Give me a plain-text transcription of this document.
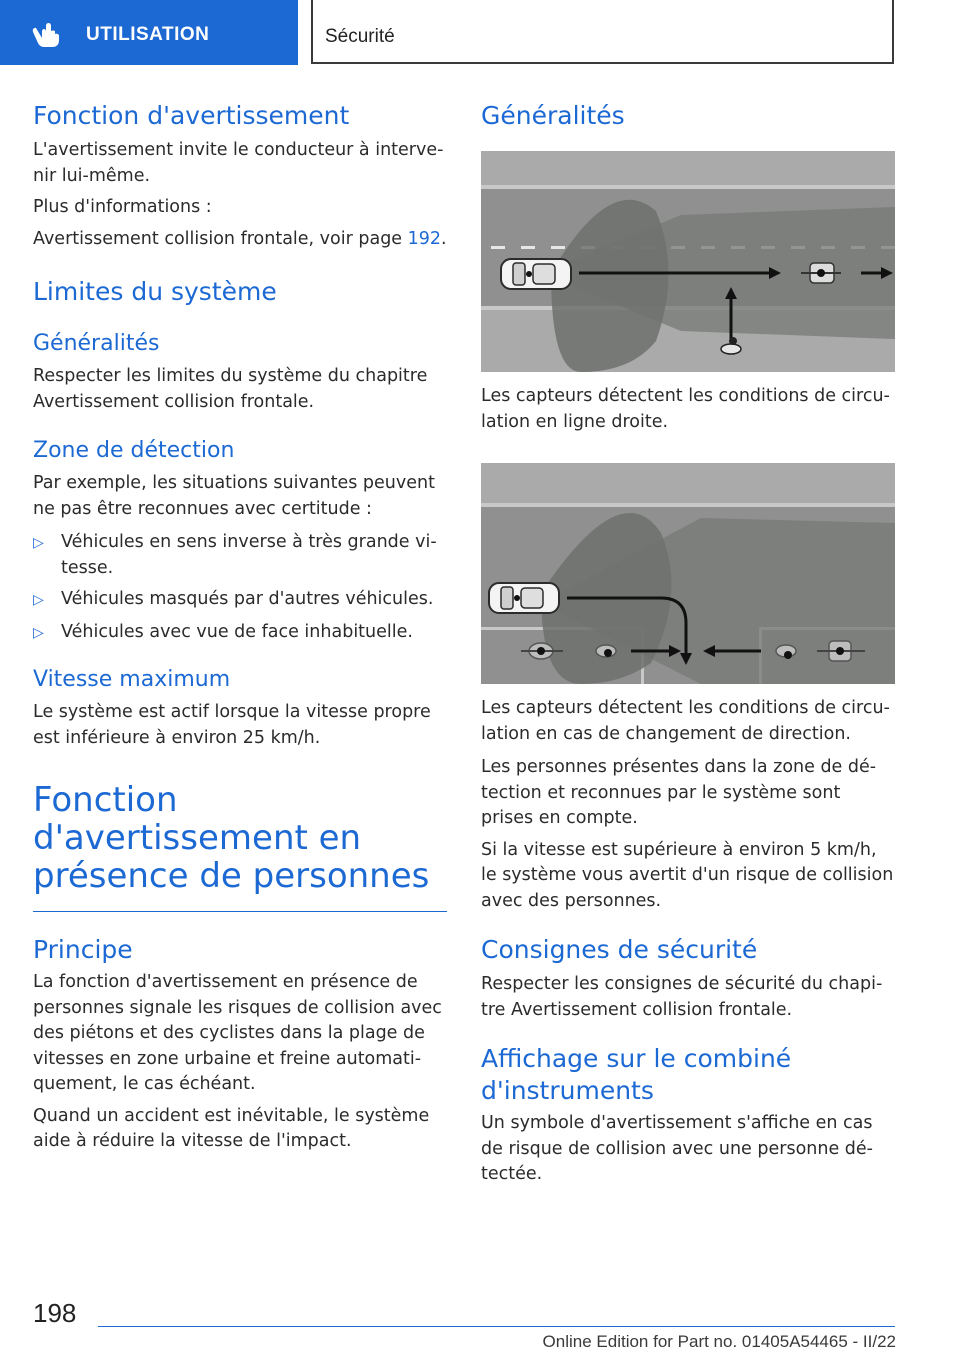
UTILISATION	Sécurité
Fonction d'avertissement

L'avertissement invite le conducteur à interve-nir lui-même.

Plus d'informations :

Avertissement collision frontale, voir page 192.

Limites du système
Généralités

Respecter les limites du système du chapitre Avertissement collision frontale.

Zone de détection

Par exemple, les situations suivantes peuvent ne pas être reconnues avec certitude :

▷ Véhicules en sens inverse à très grande vi-tesse.
▷ Véhicules masqués par d'autres véhicules.
▷ Véhicules avec vue de face inhabituelle.
Vitesse maximum

Le système est actif lorsque la vitesse propre est inférieure à environ 25 km/h.

Fonction d'avertissement en
présence de personnes
Principe

La fonction d'avertissement en présence de personnes signale les risques de collision avec des piétons et des cyclistes dans la plage de vitesses en zone urbaine et freine automati-quement, le cas échéant.

Quand un accident est inévitable, le système aide à réduire la vitesse de l'impact.

Généralités

Les capteurs détectent les conditions de circu-lation en ligne droite.

Les capteurs détectent les conditions de circu-lation en cas de changement de direction.

Les personnes présentes dans la zone de dé-tection et reconnues par le système sont prises en compte.

Si la vitesse est supérieure à environ 5 km/h, le système vous avertit d'un risque de collision avec des personnes.

Consignes de sécurité

Respecter les consignes de sécurité du chapi-tre Avertissement collision frontale.

Affichage sur le combiné
d'instruments

Un symbole d'avertissement s'affiche en cas de risque de collision avec une personne dé-tectée.

198
Online Edition for Part no. 01405A54465 - II/22
